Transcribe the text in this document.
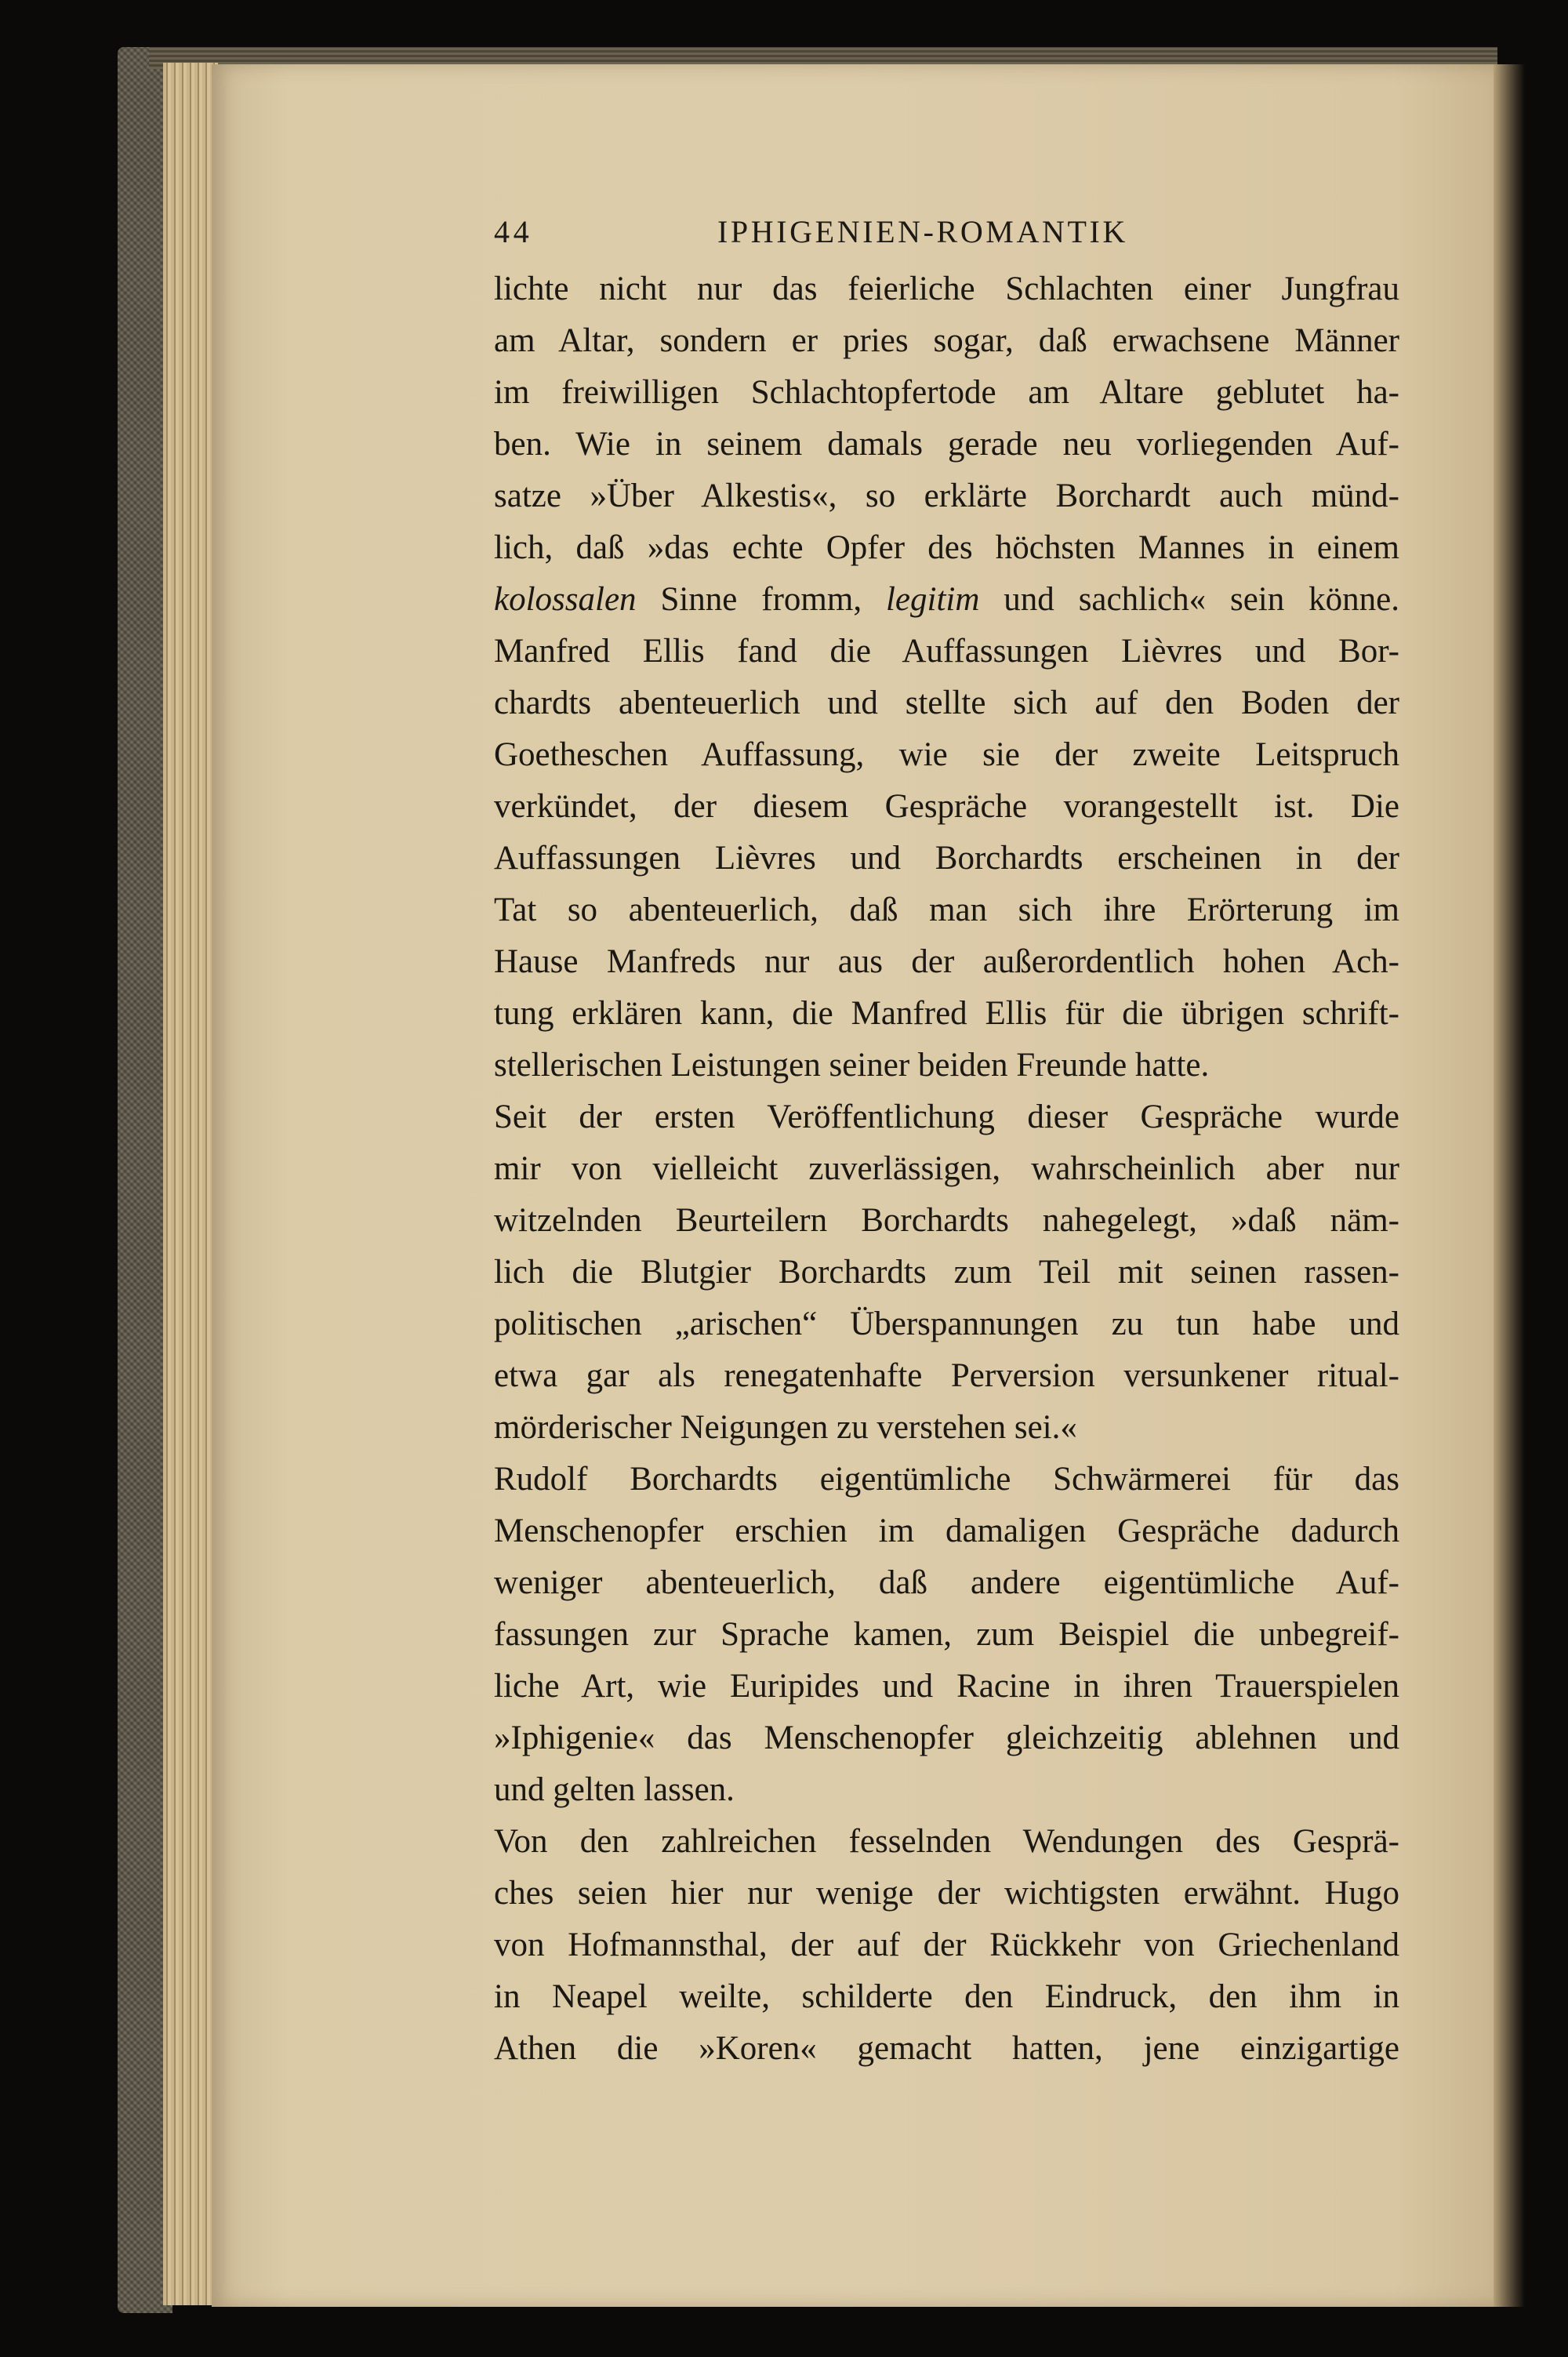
44	IPHIGENIEN-ROMANTIK
lichte nicht nur das feierliche Schlachten einer Jungfrau
am Altar, sondern er pries sogar, daß erwachsene Männer
im freiwilligen Schlachtopfertode am Altare geblutet ha-
ben. Wie in seinem damals gerade neu vorliegenden Auf-
satze »Über Alkestis«, so erklärte Borchardt auch münd-
lich, daß »das echte Opfer des höchsten Mannes in einem
kolossalen Sinne fromm, legitim und sachlich« sein könne.
Manfred Ellis fand die Auffassungen Lièvres und Bor-
chardts abenteuerlich und stellte sich auf den Boden der
Goetheschen Auffassung, wie sie der zweite Leitspruch
verkündet, der diesem Gespräche vorangestellt ist. Die
Auffassungen Lièvres und Borchardts erscheinen in der
Tat so abenteuerlich, daß man sich ihre Erörterung im
Hause Manfreds nur aus der außerordentlich hohen Ach-
tung erklären kann, die Manfred Ellis für die übrigen schrift-
stellerischen Leistungen seiner beiden Freunde hatte.
Seit der ersten Veröffentlichung dieser Gespräche wurde
mir von vielleicht zuverlässigen, wahrscheinlich aber nur
witzelnden Beurteilern Borchardts nahegelegt, »daß näm-
lich die Blutgier Borchardts zum Teil mit seinen rassen-
politischen „arischen“ Überspannungen zu tun habe und
etwa gar als renegatenhafte Perversion versunkener ritual-
mörderischer Neigungen zu verstehen sei.«
Rudolf Borchardts eigentümliche Schwärmerei für das
Menschenopfer erschien im damaligen Gespräche dadurch
weniger abenteuerlich, daß andere eigentümliche Auf-
fassungen zur Sprache kamen, zum Beispiel die unbegreif-
liche Art, wie Euripides und Racine in ihren Trauerspielen
»Iphigenie« das Menschenopfer gleichzeitig ablehnen und
und gelten lassen.
Von den zahlreichen fesselnden Wendungen des Gesprä-
ches seien hier nur wenige der wichtigsten erwähnt. Hugo
von Hofmannsthal, der auf der Rückkehr von Griechenland
in Neapel weilte, schilderte den Eindruck, den ihm in
Athen die »Koren« gemacht hatten, jene einzigartige
